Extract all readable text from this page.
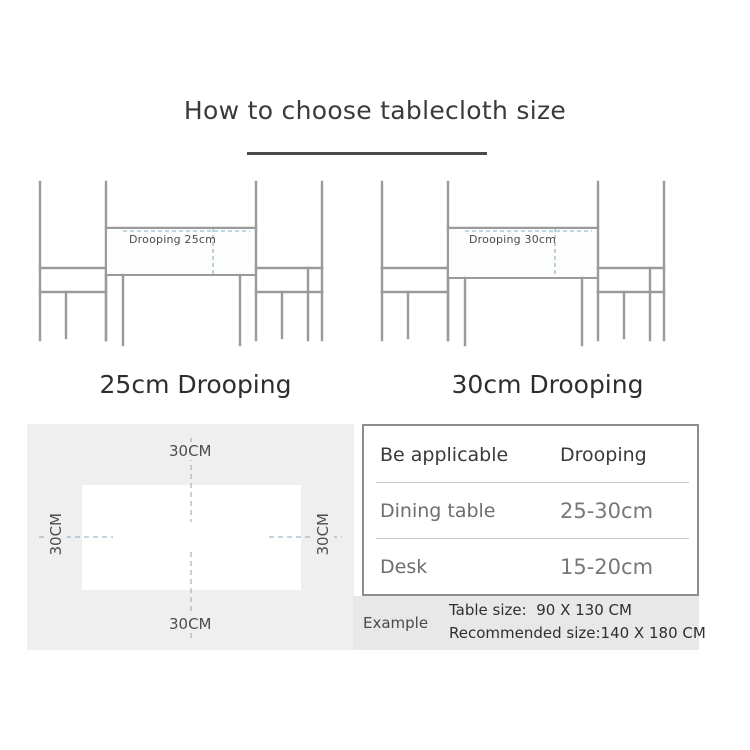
How to choose tablecloth size
Drooping 25cm
25cm Drooping
Drooping 30cm
30cm Drooping
30CM
30CM
30CM	30CM
Be applicable	Drooping
Dining table	25-30cm
Desk	15-20cm
Example
Table size:  90 X 130 CM
Recommended size:140 X 180 CM
